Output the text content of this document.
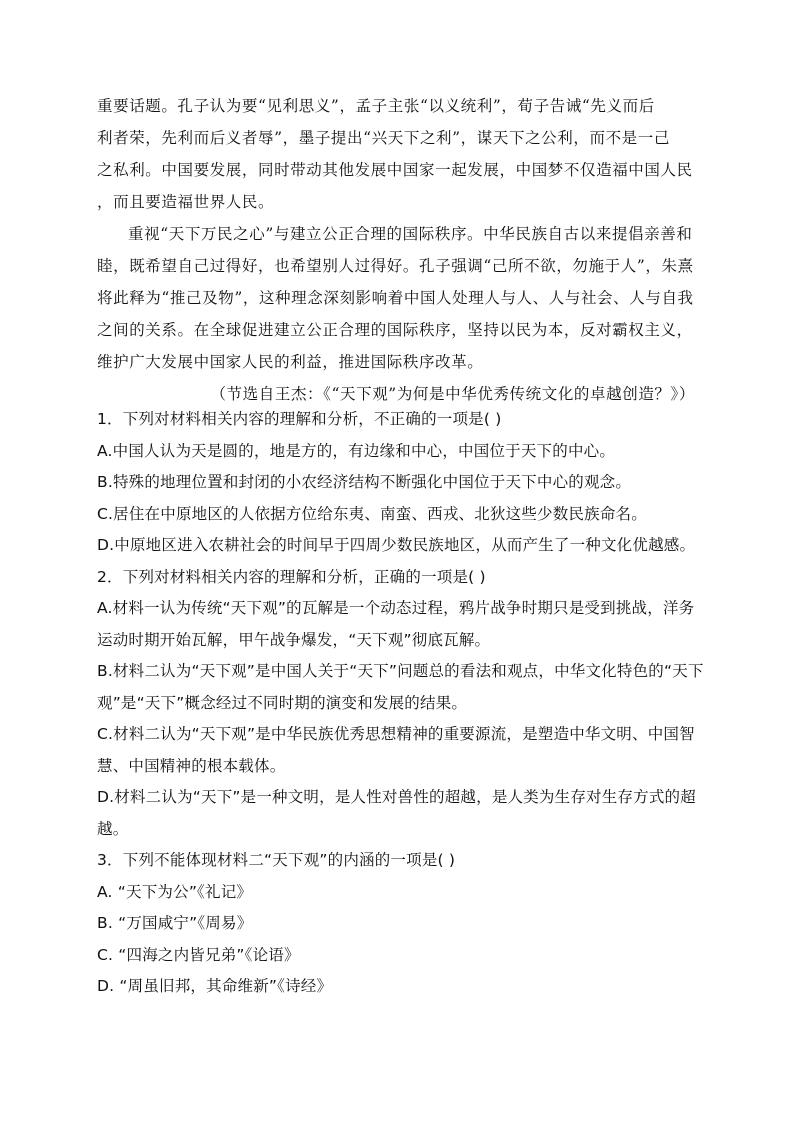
重要话题。孔子认为要“见利思义”，孟子主张“以义统利”，荀子告诫“先义而后

利者荣，先利而后义者辱”，墨子提出“兴天下之利”，谋天下之公利，而不是一己

之私利。中国要发展，同时带动其他发展中国家一起发展，中国梦不仅造福中国人民

，而且要造福世界人民。

重视“天下万民之心”与建立公正合理的国际秩序。中华民族自古以来提倡亲善和睦，既希望自己过得好，也希望别人过得好。孔子强调“己所不欲，勿施于人”，朱熹将此释为“推己及物”，这种理念深刻影响着中国人处理人与人、人与社会、人与自我之间的关系。在全球促进建立公正合理的国际秩序，坚持以民为本，反对霸权主义，维护广大发展中国家人民的利益，推进国际秩序改革。

（节选自王杰：《“天下观”为何是中华优秀传统文化的卓越创造？》）

1．下列对材料相关内容的理解和分析，不正确的一项是( )

A.中国人认为天是圆的，地是方的，有边缘和中心，中国位于天下的中心。

B.特殊的地理位置和封闭的小农经济结构不断强化中国位于天下中心的观念。

C.居住在中原地区的人依据方位给东夷、南蛮、西戎、北狄这些少数民族命名。

D.中原地区进入农耕社会的时间早于四周少数民族地区，从而产生了一种文化优越感。

2．下列对材料相关内容的理解和分析，正确的一项是( )

A.材料一认为传统“天下观”的瓦解是一个动态过程，鸦片战争时期只是受到挑战，洋务运动时期开始瓦解，甲午战争爆发，“天下观”彻底瓦解。

B.材料二认为“天下观”是中国人关于“天下”问题总的看法和观点，中华文化特色的“天下观”是“天下”概念经过不同时期的演变和发展的结果。

C.材料二认为“天下观”是中华民族优秀思想精神的重要源流，是塑造中华文明、中国智慧、中国精神的根本载体。

D.材料二认为“天下”是一种文明，是人性对兽性的超越，是人类为生存对生存方式的超越。

3．下列不能体现材料二“天下观”的内涵的一项是( )

A. “天下为公”《礼记》

B. “万国咸宁”《周易》

C. “四海之内皆兄弟”《论语》

D. “周虽旧邦，其命维新”《诗经》
